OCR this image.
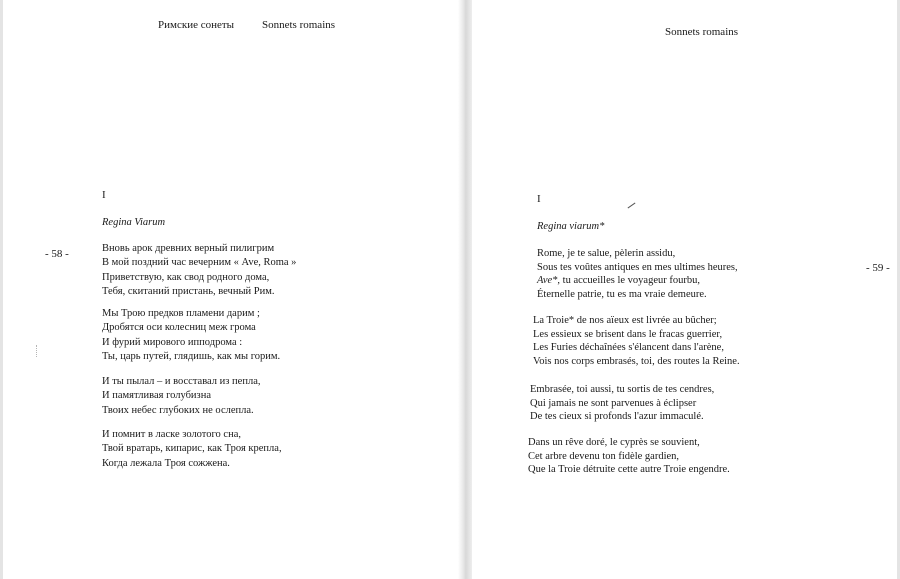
Римские сонеты	Sonnets romains
- 58 -
I
Regina Viarum
Вновь арок древних верный пилигрим
В мой поздний час вечерним « Ave, Roma »
Приветствую, как свод родного дома,
Тебя, скитаний пристань, вечный Рим.
Мы Трою предков пламени дарим ;
Дробятся оси колесниц меж грома
И фурий мирового ипподрома :
Ты, царь путей, глядишь, как мы горим.
И ты пылал – и восставал из пепла,
И памятливая голубизна
Твоих небес глубоких не ослепла.
И помнит в ласке золотого сна,
Твой вратарь, кипарис, как Троя крепла,
Когда лежала Троя сожжена.
Sonnets romains
- 59 -
I
Regina viarum*
Rome, je te salue, pèlerin assidu,
Sous tes voûtes antiques en mes ultimes heures,
Ave*, tu accueilles le voyageur fourbu,
Éternelle patrie, tu es ma vraie demeure.
La Troie* de nos aïeux est livrée au bûcher;
Les essieux se brisent dans le fracas guerrier,
Les Furies déchaînées s'élancent dans l'arène,
Vois nos corps embrasés, toi, des routes la Reine.
Embrasée, toi aussi, tu sortis de tes cendres,
Qui jamais ne sont parvenues à éclipser
De tes cieux si profonds l'azur immaculé.
Dans un rêve doré, le cyprès se souvient,
Cet arbre devenu ton fidèle gardien,
Que la Troie détruite cette autre Troie engendre.
